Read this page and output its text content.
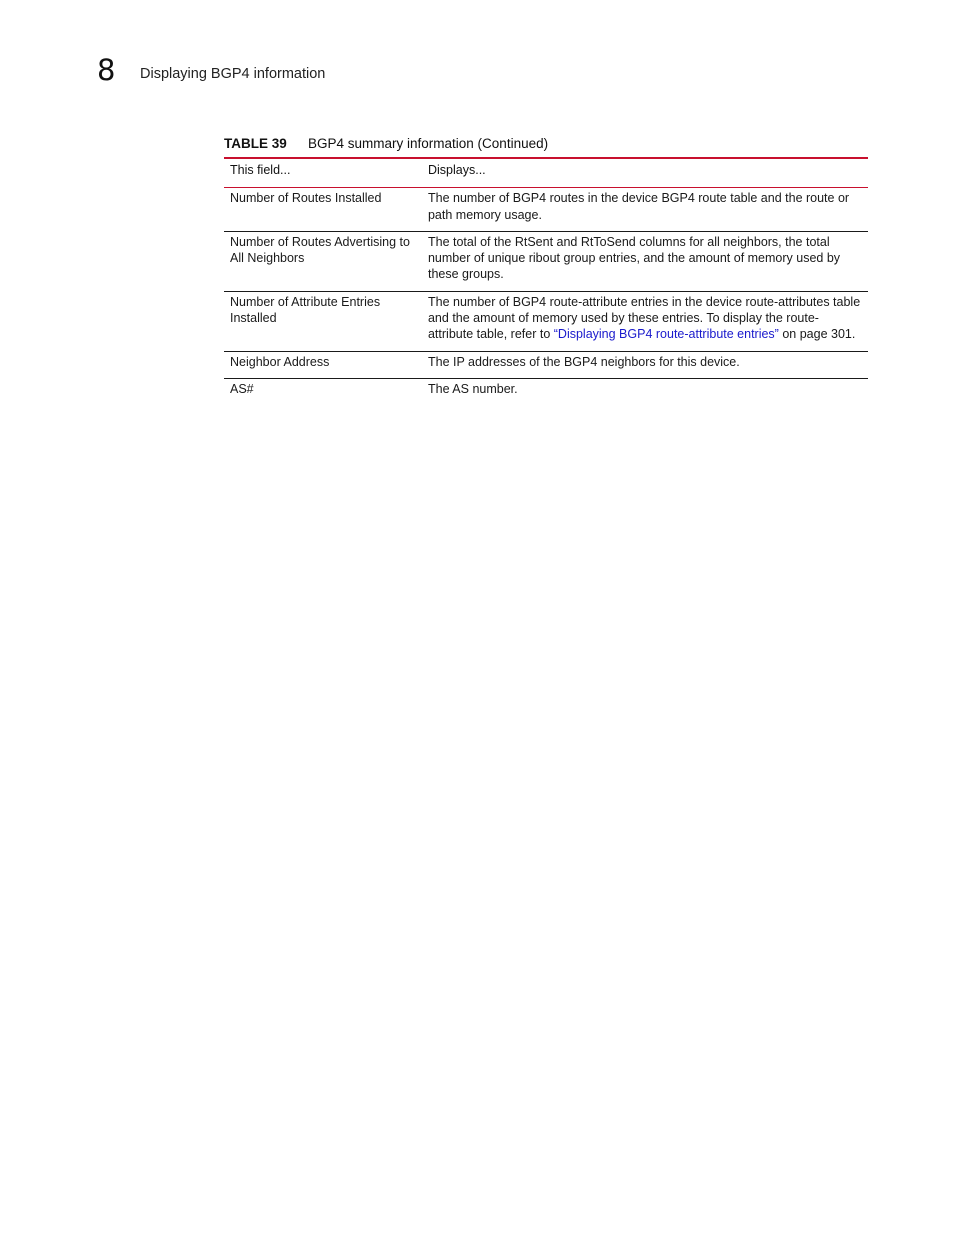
8 Displaying BGP4 information
TABLE 39 BGP4 summary information (Continued)
This field...	Displays...
Number of Routes Installed	The number of BGP4 routes in the device BGP4 route table and the route or path memory usage.
Number of Routes Advertising to All Neighbors	The total of the RtSent and RtToSend columns for all neighbors, the total number of unique ribout group entries, and the amount of memory used by these groups.
Number of Attribute Entries Installed	The number of BGP4 route-attribute entries in the device route-attributes table and the amount of memory used by these entries. To display the route-attribute table, refer to “Displaying BGP4 route-attribute entries” on page 301.
Neighbor Address	The IP addresses of the BGP4 neighbors for this device.
AS#	The AS number.
